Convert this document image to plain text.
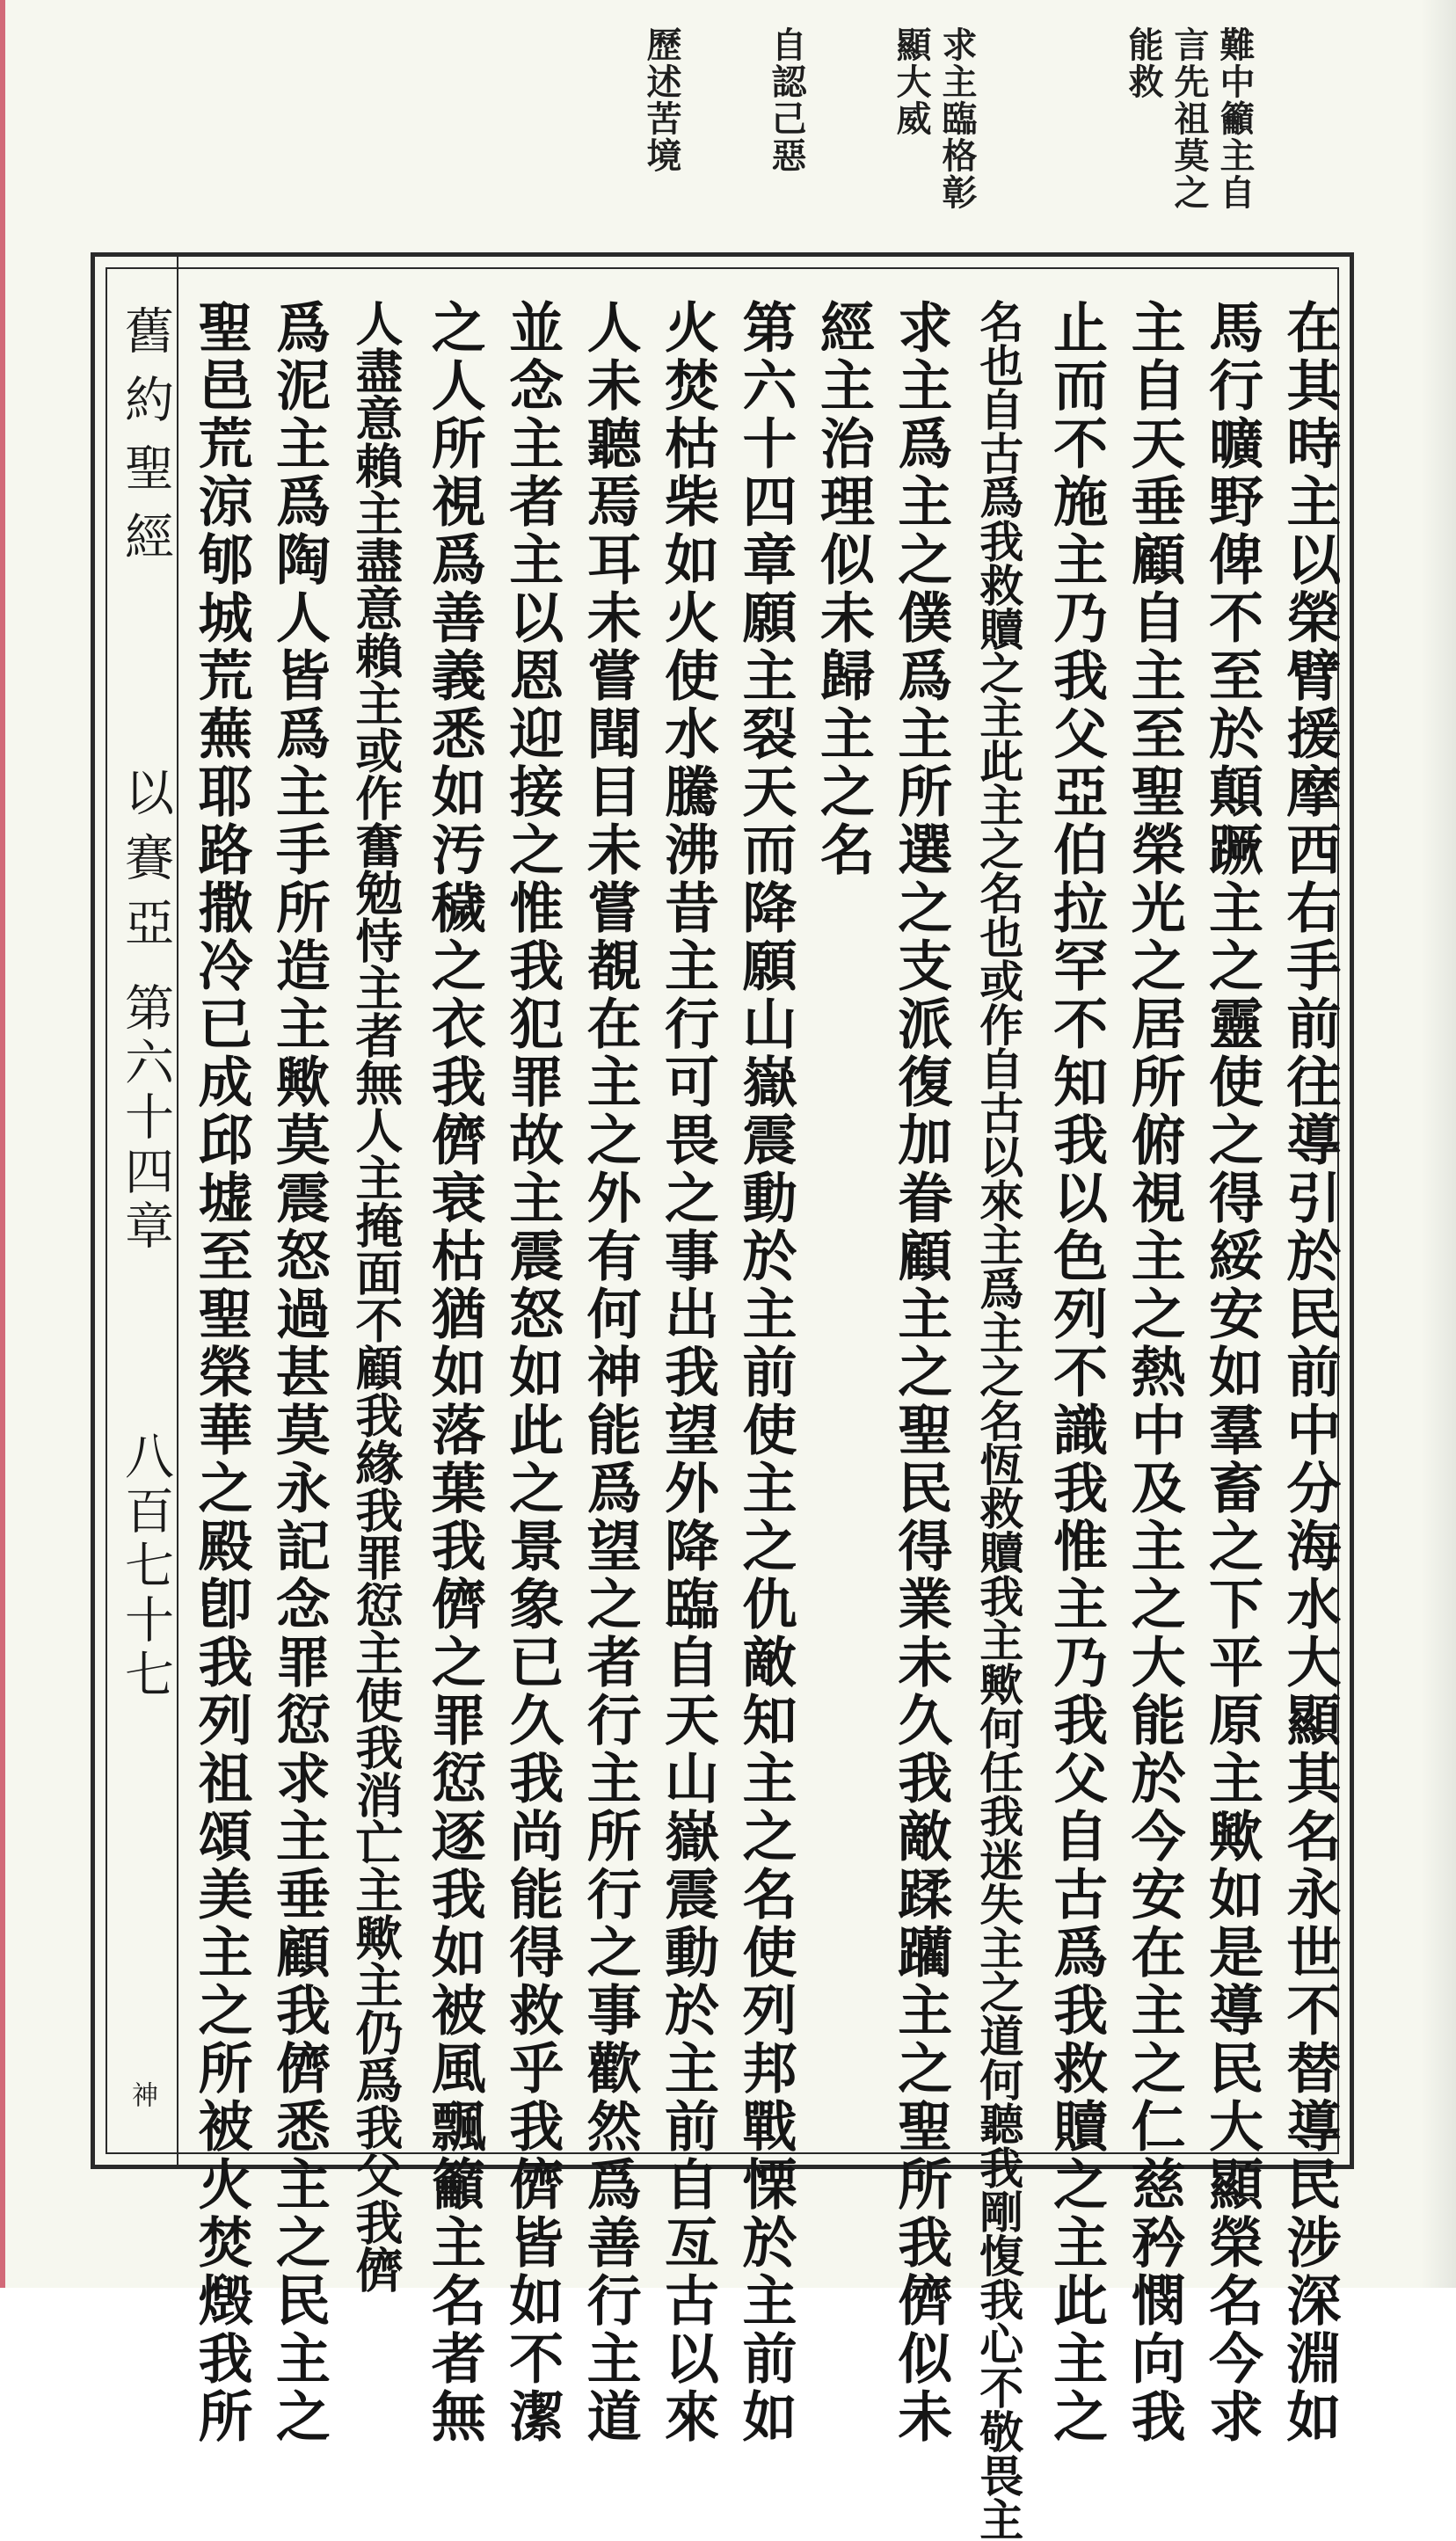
難中籲主自言先祖莫之能救
求主臨格彰顯大威
自認己惡
歷述苦境
舊約聖經
以賽亞
第六十四章
八百七十七
神	在其時主以榮臂援摩西右手前往導引於民前中分海水大顯其名永世不替導民涉深淵如
馬行曠野俾不至於顛蹶主之靈使之得綏安如羣畜之下平原主歟如是導民大顯榮名今求
主自天垂顧自主至聖榮光之居所俯視主之熱中及主之大能於今安在主之仁慈矜憫向我
止而不施主乃我父亞伯拉罕不知我以色列不識我惟主乃我父自古爲我救贖之主此主之
名也自古爲我救贖之主此主之名也或作自古以來主爲主之名恆救贖我主歟何任我迷失主之道何聽我剛愎我心不敬畏主
求主爲主之僕爲主所選之支派復加眷顧主之聖民得業未久我敵蹂躪主之聖所我儕似未
經主治理似未歸主之名
第六十四章願主裂天而降願山嶽震動於主前使主之仇敵知主之名使列邦戰慄於主前如
火焚枯柴如火使水騰沸昔主行可畏之事出我望外降臨自天山嶽震動於主前自亙古以來
人未聽焉耳未嘗聞目未嘗覩在主之外有何神能爲望之者行主所行之事歡然爲善行主道
並念主者主以恩迎接之惟我犯罪故主震怒如此之景象已久我尚能得救乎我儕皆如不潔
之人所視爲善義悉如汚穢之衣我儕衰枯猶如落葉我儕之罪愆逐我如被風飄籲主名者無
人盡意賴主盡意賴主或作奮勉恃主者無人主掩面不顧我緣我罪愆主使我消亡主歟主仍爲我父我儕
爲泥主爲陶人皆爲主手所造主歟莫震怒過甚莫永記念罪愆求主垂顧我儕悉主之民主之
聖邑荒涼郇城荒蕪耶路撒冷已成邱墟至聖榮華之殿卽我列祖頌美主之所被火焚燬我所
